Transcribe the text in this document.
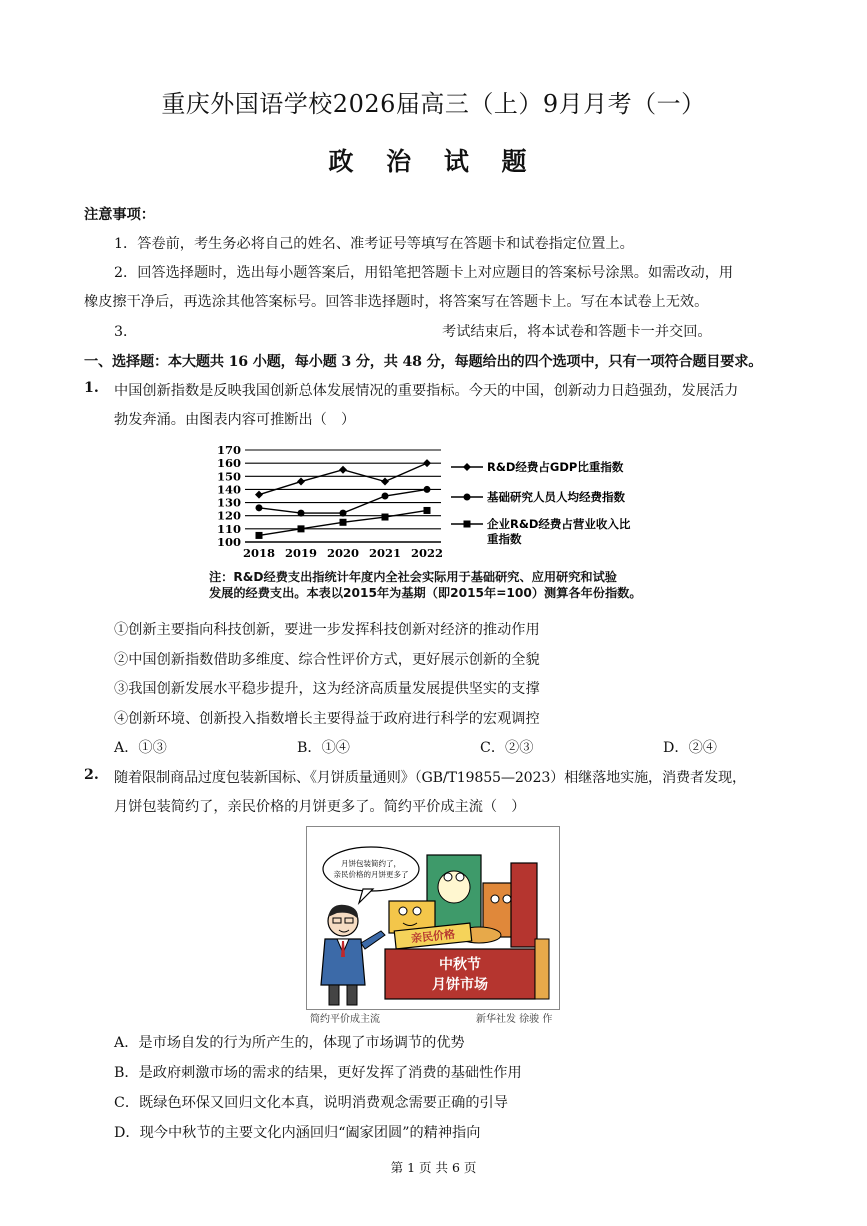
重庆外国语学校2026届高三（上）9月月考（一）
政 治 试 题
注意事项：
1．答卷前，考生务必将自己的姓名、准考证号等填写在答题卡和试卷指定位置上。
2．回答选择题时，选出每小题答案后，用铅笔把答题卡上对应题目的答案标号涂黑。如需改动，用
橡皮擦干净后，再选涂其他答案标号。回答非选择题时，将答案写在答题卡上。写在本试卷上无效。
3．	考试结束后，将本试卷和答题卡一并交回。
一、选择题：本大题共 16 小题，每小题 3 分，共 48 分，每题给出的四个选项中，只有一项符合题目要求。
1. 中国创新指数是反映我国创新总体发展情况的重要指标。今天的中国，创新动力日趋强劲，发展活力
勃发奔涌。由图表内容可推断出（　）
170
160
150
140
130
120
110
100
2018 2019 2020 2021 2022
R&D经费占GDP比重指数
基础研究人员人均经费指数
企业R&D经费占营业收入比
重指数
注：R&D经费支出指统计年度内全社会实际用于基础研究、应用研究和试验
发展的经费支出。本表以2015年为基期（即2015年=100）测算各年份指数。
①创新主要指向科技创新，要进一步发挥科技创新对经济的推动作用
②中国创新指数借助多维度、综合性评价方式，更好展示创新的全貌
③我国创新发展水平稳步提升，这为经济高质量发展提供坚实的支撑
④创新环境、创新投入指数增长主要得益于政府进行科学的宏观调控
A．①③	B．①④	C．②③	D．②④
2. 随着限制商品过度包装新国标、《月饼质量通则》（GB/T19855—2023）相继落地实施，消费者发现，
月饼包装简约了，亲民价格的月饼更多了。简约平价成主流（　）
月饼包装简约了，
亲民价格的月饼更多了
亲民价格
中秋节
月饼市场
简约平价成主流	新华社发 徐骏 作
A．是市场自发的行为所产生的，体现了市场调节的优势
B．是政府刺激市场的需求的结果，更好发挥了消费的基础性作用
C．既绿色环保又回归文化本真，说明消费观念需要正确的引导
D．现今中秋节的主要文化内涵回归“阖家团圆”的精神指向
第 1 页 共 6 页
